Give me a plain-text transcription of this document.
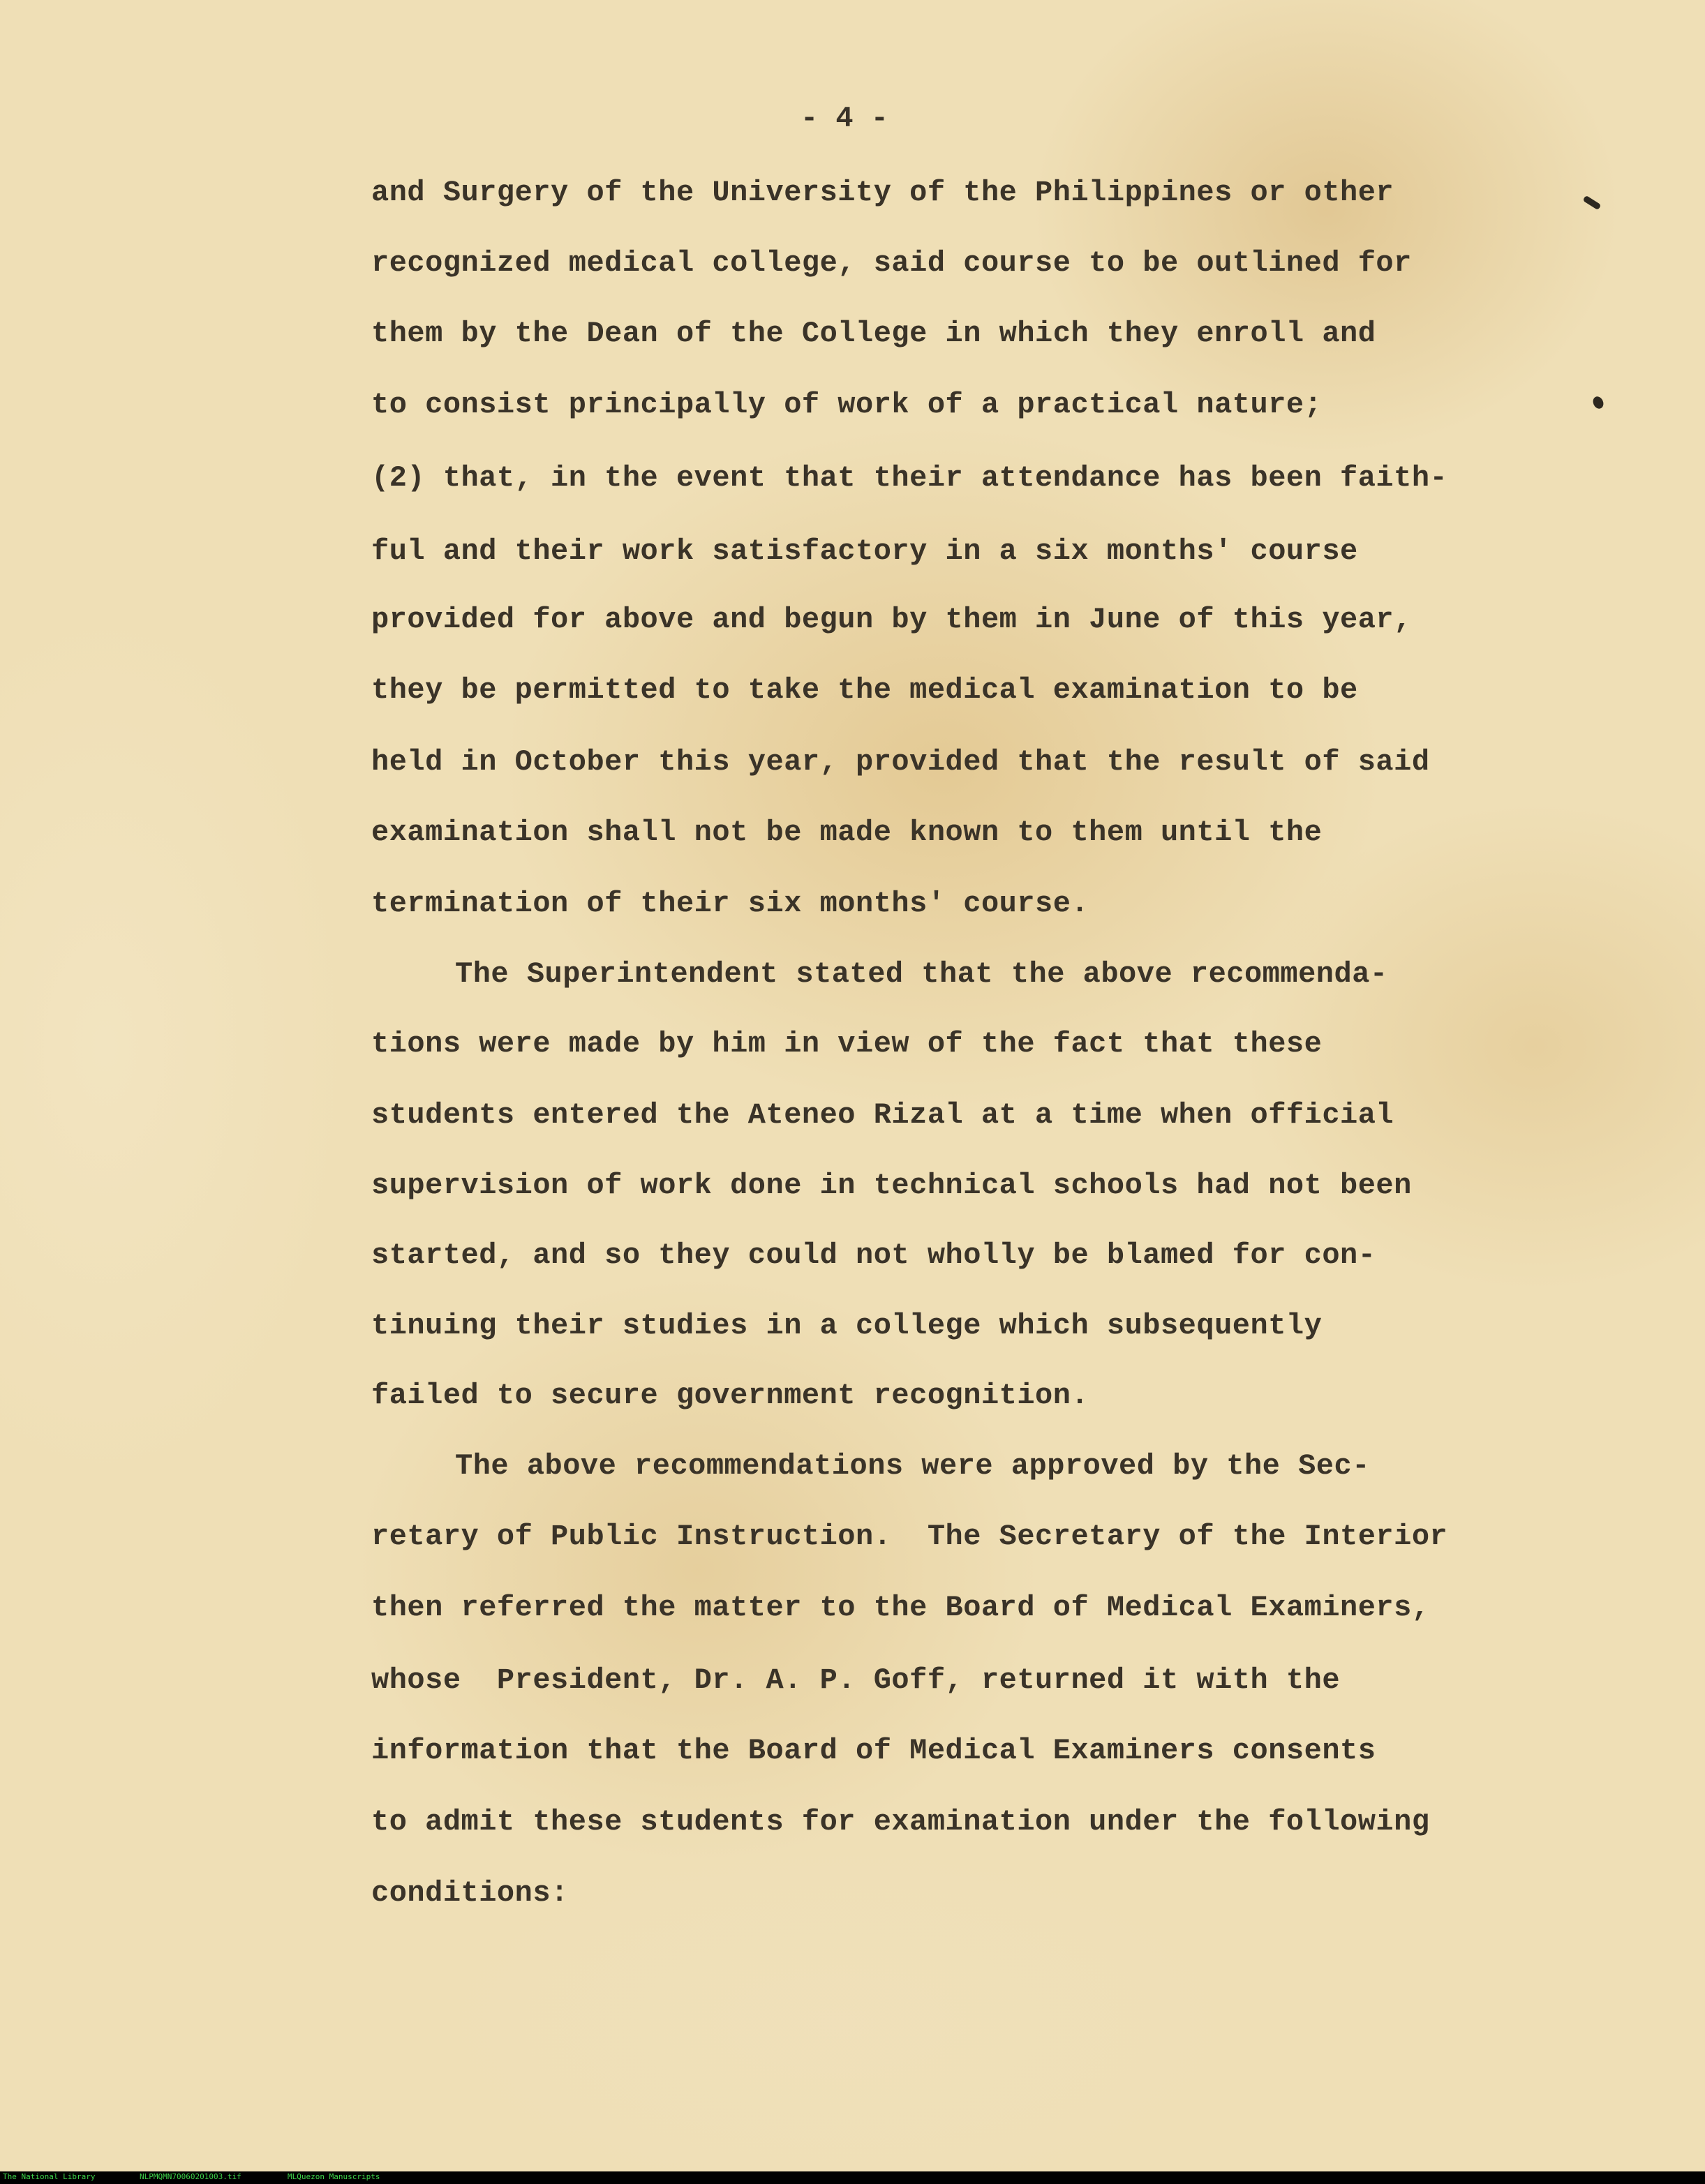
- 4 -

and Surgery of the University of the Philippines or other

recognized medical college, said course to be outlined for

them by the Dean of the College in which they enroll and

to consist principally of work of a practical nature;

(2) that, in the event that their attendance has been faith-

ful and their work satisfactory in a six months' course

provided for above and begun by them in June of this year,

they be permitted to take the medical examination to be

held in October this year, provided that the result of said

examination shall not be made known to them until the

termination of their six months' course.

The Superintendent stated that the above recommenda-

tions were made by him in view of the fact that these

students entered the Ateneo Rizal at a time when official

supervision of work done in technical schools had not been

started, and so they could not wholly be blamed for con-

tinuing their studies in a college which subsequently

failed to secure government recognition.

The above recommendations were approved by the Sec-

retary of Public Instruction.  The Secretary of the Interior

then referred the matter to the Board of Medical Examiners,

whose  President, Dr. A. P. Goff, returned it with the

information that the Board of Medical Examiners consents

to admit these students for examination under the following

conditions:

The National Library	NLPMQMN70060201003.tif	MLQuezon Manuscripts
